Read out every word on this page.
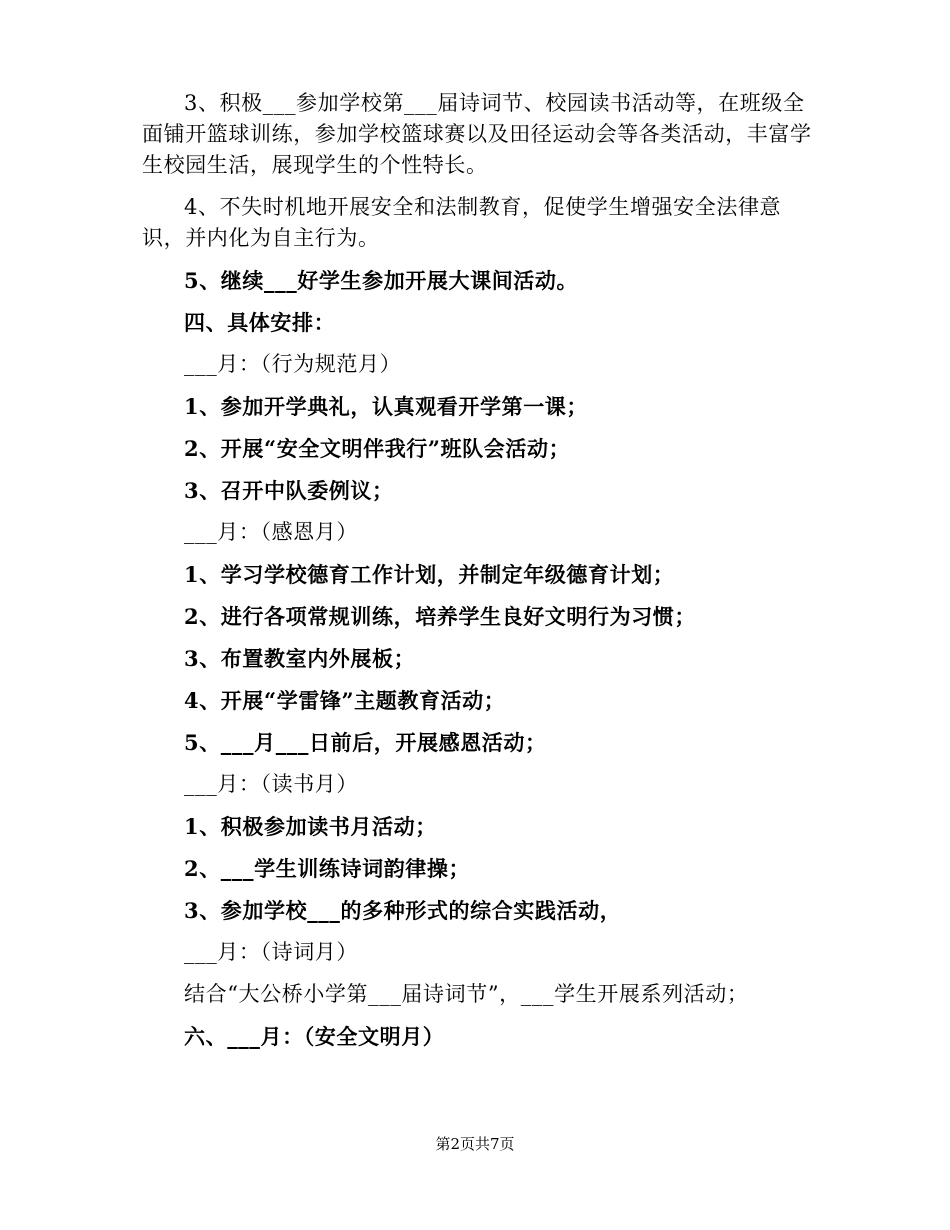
3、积极___参加学校第___届诗词节、校园读书活动等，在班级全面铺开篮球训练，参加学校篮球赛以及田径运动会等各类活动，丰富学生校园生活，展现学生的个性特长。

4、不失时机地开展安全和法制教育，促使学生增强安全法律意识，并内化为自主行为。

5、继续___好学生参加开展大课间活动。

四、具体安排：

___月：（行为规范月）

1、参加开学典礼，认真观看开学第一课；

2、开展“安全文明伴我行”班队会活动；

3、召开中队委例议；

___月：（感恩月）

1、学习学校德育工作计划，并制定年级德育计划；

2、进行各项常规训练，培养学生良好文明行为习惯；

3、布置教室内外展板；

4、开展“学雷锋”主题教育活动；

5、___月___日前后，开展感恩活动；

___月：（读书月）

1、积极参加读书月活动；

2、___学生训练诗词韵律操；

3、参加学校___的多种形式的综合实践活动，

___月：（诗词月）

结合“大公桥小学第___届诗词节”，___学生开展系列活动；

六、___月：（安全文明月）

第2页共7页
